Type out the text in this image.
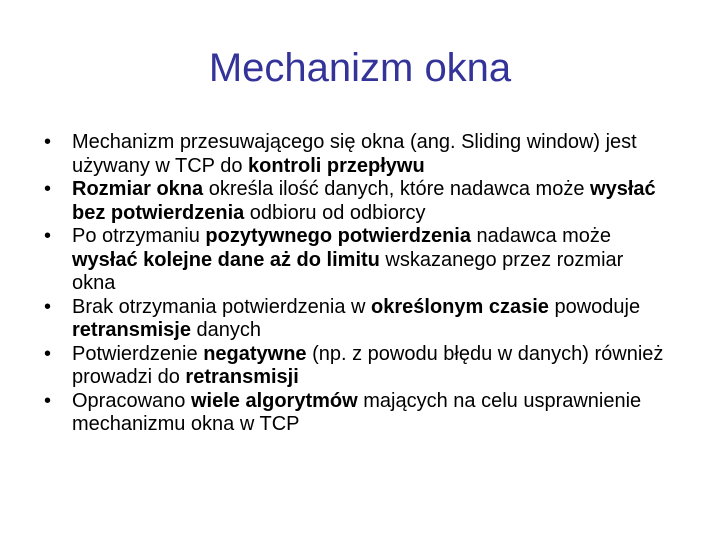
Mechanizm okna
• Mechanizm przesuwającego się okna (ang. Sliding window) jest używany w TCP do kontroli przepływu
• Rozmiar okna określa ilość danych, które nadawca może wysłać bez potwierdzenia odbioru od odbiorcy
• Po otrzymaniu pozytywnego potwierdzenia nadawca może wysłać kolejne dane aż do limitu wskazanego przez rozmiar okna
• Brak otrzymania potwierdzenia w określonym czasie powoduje retransmisje danych
• Potwierdzenie negatywne (np. z powodu błędu w danych) również prowadzi do retransmisji
• Opracowano wiele algorytmów mających na celu usprawnienie mechanizmu okna w TCP
